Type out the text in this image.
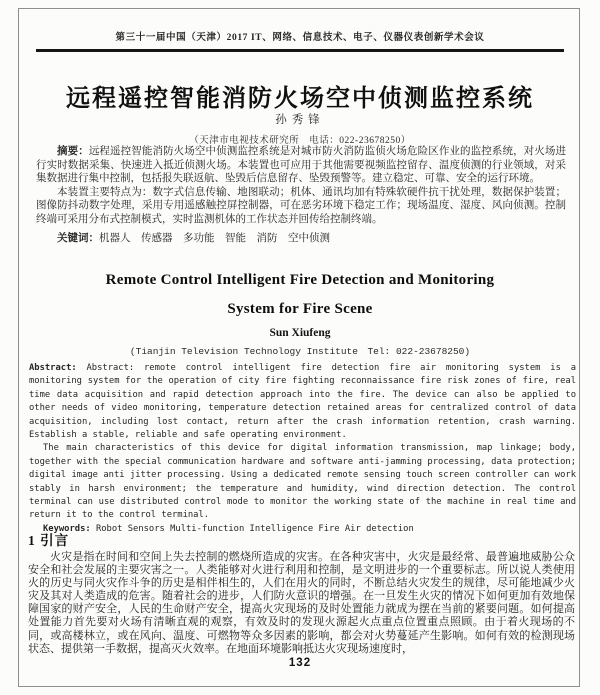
第三十一届中国（天津）2017 IT、网络、信息技术、电子、仪器仪表创新学术会议
远程遥控智能消防火场空中侦测监控系统
孙秀锋
（天津市电视技术研究所　电话：022-23678250）

摘要：远程遥控智能消防火场空中侦测监控系统是对城市防火消防监侦火场危险区作业的监控系统，对火场进行实时数据采集、快速进入抵近侦测火场。本装置也可应用于其他需要视频监控留存、温度侦测的行业领域，对采集数据进行集中控制，包括报失联返航、坠毁后信息留存、坠毁预警等。建立稳定、可靠、安全的运行环境。

本装置主要特点为：数字式信息传输、地图联动；机体、通讯均加有特殊软硬件抗干扰处理，数据保护装置；图像防抖动数字处理，采用专用遥感触控屏控制器，可在恶劣环境下稳定工作；现场温度、湿度、风向侦测。控制终端可采用分布式控制模式，实时监测机体的工作状态并回传给控制终端。

关键词：机器人　传感器　多功能　智能　消防　空中侦测

Remote Control Intelligent Fire Detection and Monitoring
System for Fire Scene
Sun Xiufeng
(Tianjin Television Technology Institute　Tel: 022-23678250)

Abstract: Abstract: remote control intelligent fire detection fire air monitoring system is a monitoring system for the operation of city fire fighting reconnaissance fire risk zones of fire, real time data acquisition and rapid detection approach into the fire. The device can also be applied to other needs of video monitoring, temperature detection retained areas for centralized control of data acquisition, including lost contact, return after the crash information retention, crash warning. Establish a stable, reliable and safe operating environment.

The main characteristics of this device for digital information transmission, map linkage; body, together with the special communication hardware and software anti-jamming processing, data protection; digital image anti jitter processing. Using a dedicated remote sensing touch screen controller can work stably in harsh environment; the temperature and humidity, wind direction detection. The control terminal can use distributed control mode to monitor the working state of the machine in real time and return it to the control terminal.

Keywords: Robot Sensors Multi-function Intelligence Fire Air detection

1 引言

火灾是指在时间和空间上失去控制的燃烧所造成的灾害。在各种灾害中，火灾是最经常、最普遍地威胁公众安全和社会发展的主要灾害之一。人类能够对火进行利用和控制，是文明进步的一个重要标志。所以说人类使用火的历史与同火灾作斗争的历史是相伴相生的，人们在用火的同时，不断总结火灾发生的规律，尽可能地减少火灾及其对人类造成的危害。随着社会的进步，人们防火意识的增强。在一旦发生火灾的情况下如何更加有效地保障国家的财产安全，人民的生命财产安全，提高火灾现场的及时处置能力就成为摆在当前的紧要问题。如何提高处置能力首先要对火场有清晰直观的观察，有效及时的发现火源起火点重点位置重点照顾。由于着火现场的不同，或高楼林立，或在风向、温度、可燃物等众多因素的影响，都会对火势蔓延产生影响。如何有效的检测现场状态、提供第一手数据，提高灭火效率。在地面环境影响抵达火灾现场速度时，

132
